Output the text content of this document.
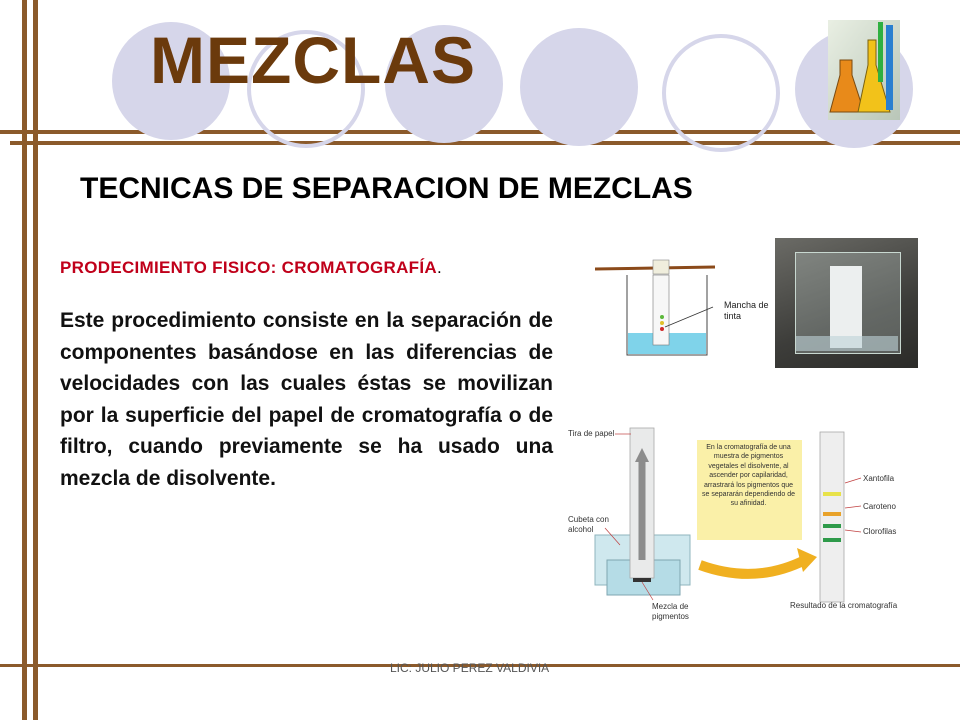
MEZCLAS
TECNICAS DE SEPARACION DE MEZCLAS
PRODECIMIENTO FISICO: CROMATOGRAFÍA.
Este procedimiento consiste en la separación de componentes basándose en las diferencias de velocidades con las cuales éstas se movilizan por la superficie del papel de cromatografía o de filtro, cuando previamente se ha usado una mezcla de disolvente.
Mancha de tinta
Tira de papel
Cubeta con alcohol
Mezcla de pigmentos
En la cromatografía de una muestra de pigmentos vegetales el disolvente, al ascender por capilaridad, arrastrará los pigmentos que se separarán dependiendo de su afinidad.
Xantofila
Caroteno
Clorofilas
Resultado de la cromatografía
LIC: JULIO PEREZ VALDIVIA
